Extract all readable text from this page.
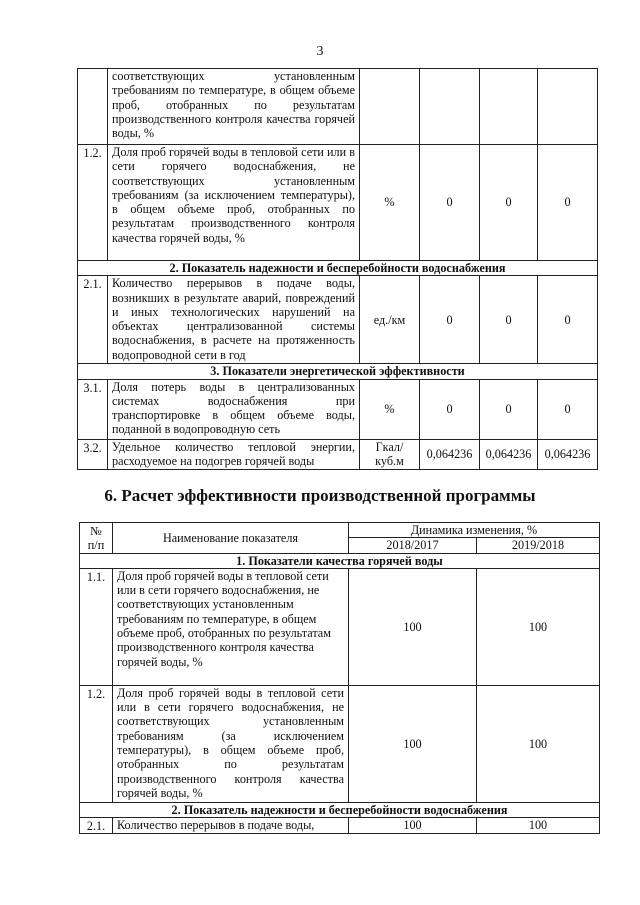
3
	соответствующих установленным требованиям по температуре, в общем объеме проб, отобранных по результатам производственного контроля качества горячей воды, %				
1.2.	Доля проб горячей воды в тепловой сети или в сети горячего водоснабжения, не соответствующих установленным требованиям (за исключением температуры), в общем объеме проб, отобранных по результатам производственного контроля качества горячей воды, %	%	0	0	0
2. Показатель надежности и бесперебойности водоснабжения					
2.1.	Количество перерывов в подаче воды, возникших в результате аварий, повреждений и иных технологических нарушений на объектах централизованной системы водоснабжения, в расчете на протяженность водопроводной сети в год	ед./км	0	0	0
3. Показатели энергетической эффективности					
3.1.	Доля потерь воды в централизованных системах водоснабжения при транспортировке в общем объеме воды, поданной в водопроводную сеть	%	0	0	0
3.2.	Удельное количество тепловой энергии, расходуемое на подогрев горячей воды	Гкал/ куб.м	0,064236	0,064236	0,064236
6. Расчет эффективности производственной программы
№ п/п	Наименование показателя	Динамика изменения, %	
		2018/2017	2019/2018
1. Показатели качества горячей воды			
1.1.	Доля проб горячей воды в тепловой сети или в сети горячего водоснабжения, не соответствующих установленным требованиям по температуре, в общем объеме проб, отобранных по результатам производственного контроля качества горячей воды, %	100	100
1.2.	Доля проб горячей воды в тепловой сети или в сети горячего водоснабжения, не соответствующих установленным требованиям (за исключением температуры), в общем объеме проб, отобранных по результатам производственного контроля качества горячей воды, %	100	100
2. Показатель надежности и бесперебойности водоснабжения			
2.1.	Количество перерывов в подаче воды,	100	100
